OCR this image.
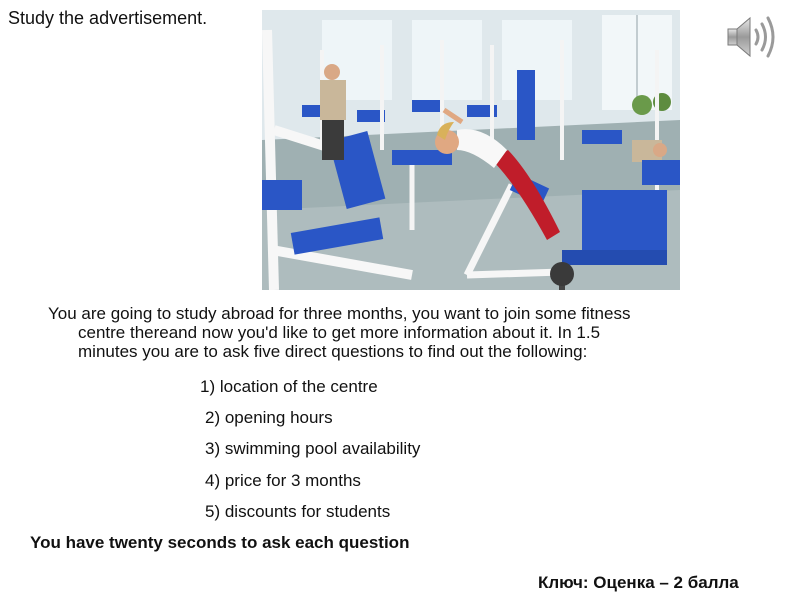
Study the advertisement.
You are going to study abroad for three months, you want to join some fitness
centre thereand now you'd like to get more information about it. In 1.5
minutes you are to ask five direct questions to find out the following:
1) location of the centre
2) opening hours
3) swimming pool availability
4) price for 3 months
5) discounts for students
You have twenty seconds to ask each question
Ключ: Оценка – 2 балла
